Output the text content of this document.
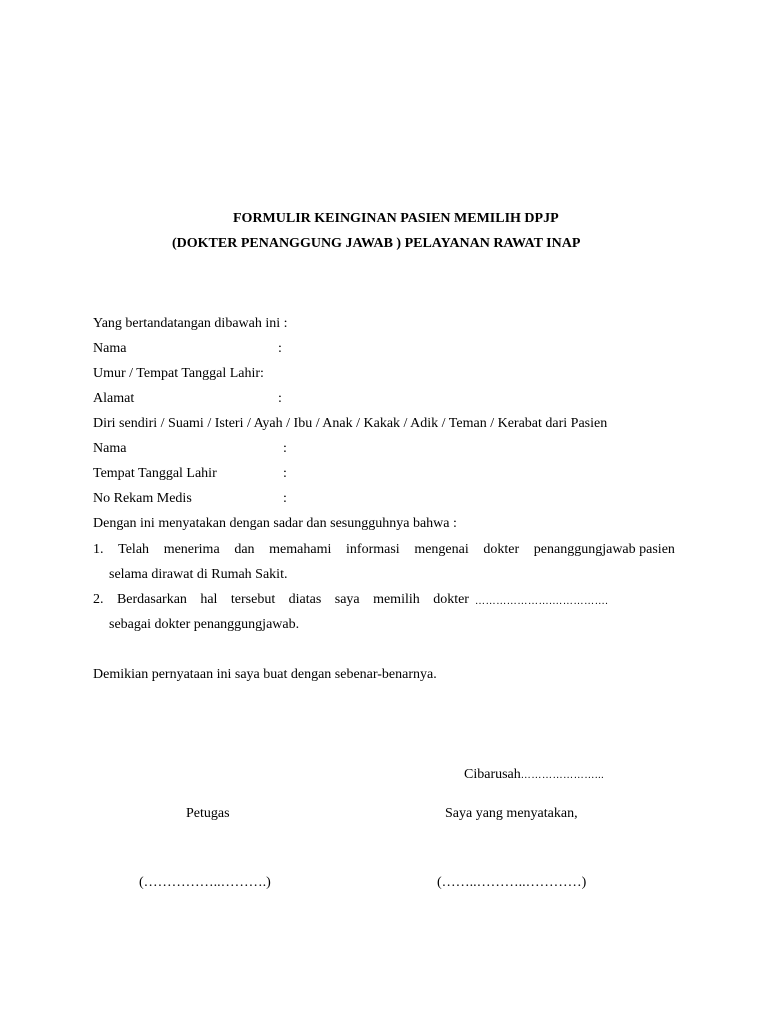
FORMULIR KEINGINAN PASIEN MEMILIH DPJP
(DOKTER PENANGGUNG JAWAB ) PELAYANAN RAWAT INAP
Yang bertandatangan dibawah ini :
Nama	:
Umur / Tempat Tanggal Lahir:
Alamat	:
Diri sendiri / Suami / Isteri / Ayah / Ibu / Anak / Kakak / Adik / Teman / Kerabat dari Pasien
Nama	:
Tempat Tanggal Lahir	:
No Rekam Medis	:
Dengan ini menyatakan dengan sadar dan sesungguhnya bahwa :
1. Telah menerima dan memahami informasi mengenai dokter penanggungjawab pasien
selama dirawat di Rumah Sakit.
2. Berdasarkan hal tersebut diatas saya memilih dokter ………………….…………….
sebagai dokter penanggungjawab.
Demikian pernyataan ini saya buat dengan sebenar-benarnya.
Cibarusah…………………...
Petugas	Saya yang menyatakan,
(……………..……….)	(……..………..…………)
